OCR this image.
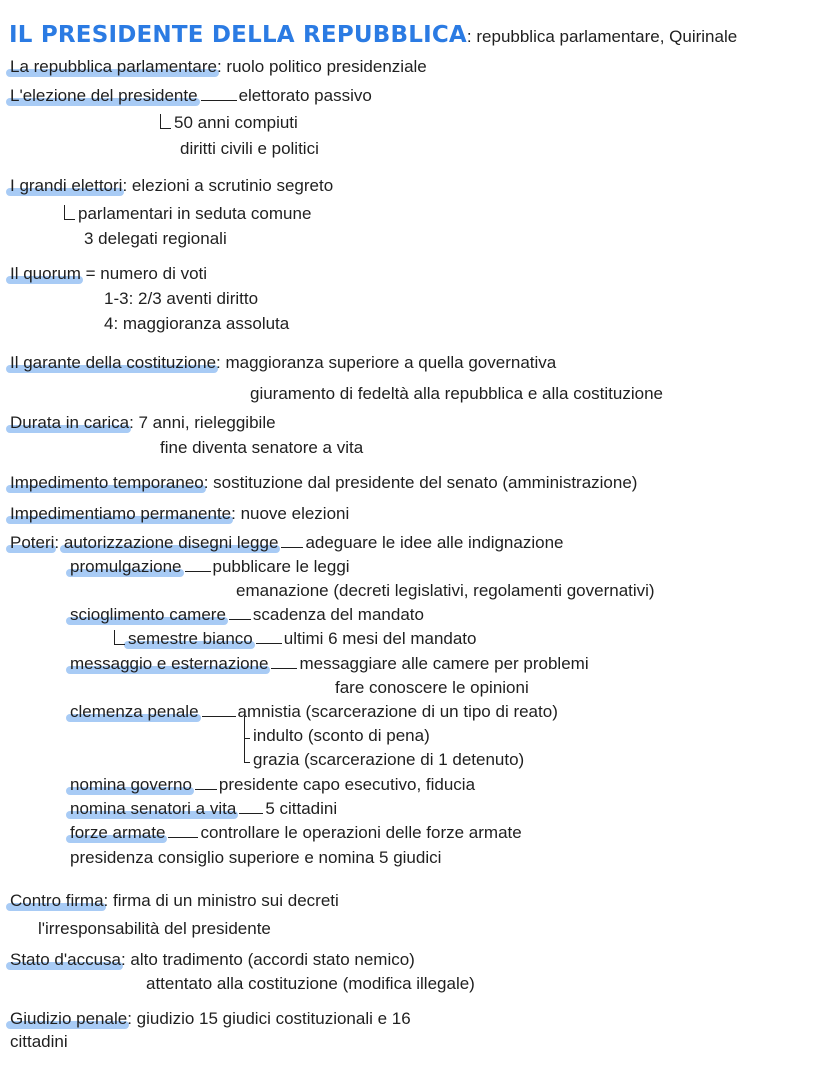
IL PRESIDENTE DELLA REPUBBLICA: repubblica parlamentare, Quirinale
La repubblica parlamentare: ruolo politico presidenziale
L'elezione del presidente elettorato passivo
50 anni compiuti
diritti civili e politici
I grandi elettori: elezioni a scrutinio segreto
parlamentari in seduta comune
3 delegati regionali
Il quorum = numero di voti
1-3: 2/3 aventi diritto
4: maggioranza assoluta
Il garante della costituzione: maggioranza superiore a quella governativa
giuramento di fedeltà alla repubblica e alla costituzione
Durata in carica: 7 anni, rieleggibile
fine diventa senatore a vita
Impedimento temporaneo: sostituzione dal presidente del senato (amministrazione)
Impedimentiamo permanente: nuove elezioni
Poteri: autorizzazione disegni legge adeguare le idee alle indignazione
promulgazione pubblicare le leggi
emanazione (decreti legislativi, regolamenti governativi)
scioglimento camere scadenza del mandato
semestre bianco ultimi 6 mesi del mandato
messaggio e esternazione messaggiare alle camere per problemi
fare conoscere le opinioni
clemenza penale amnistia (scarcerazione di un tipo di reato)
indulto (sconto di pena)
grazia (scarcerazione di 1 detenuto)
nomina governo presidente capo esecutivo, fiducia
nomina senatori a vita 5 cittadini
forze armate controllare le operazioni delle forze armate
presidenza consiglio superiore e nomina 5 giudici
Contro firma: firma di un ministro sui decreti
l'irresponsabilità del presidente
Stato d'accusa: alto tradimento (accordi stato nemico)
attentato alla costituzione (modifica illegale)
Giudizio penale: giudizio 15 giudici costituzionali e 16
cittadini
